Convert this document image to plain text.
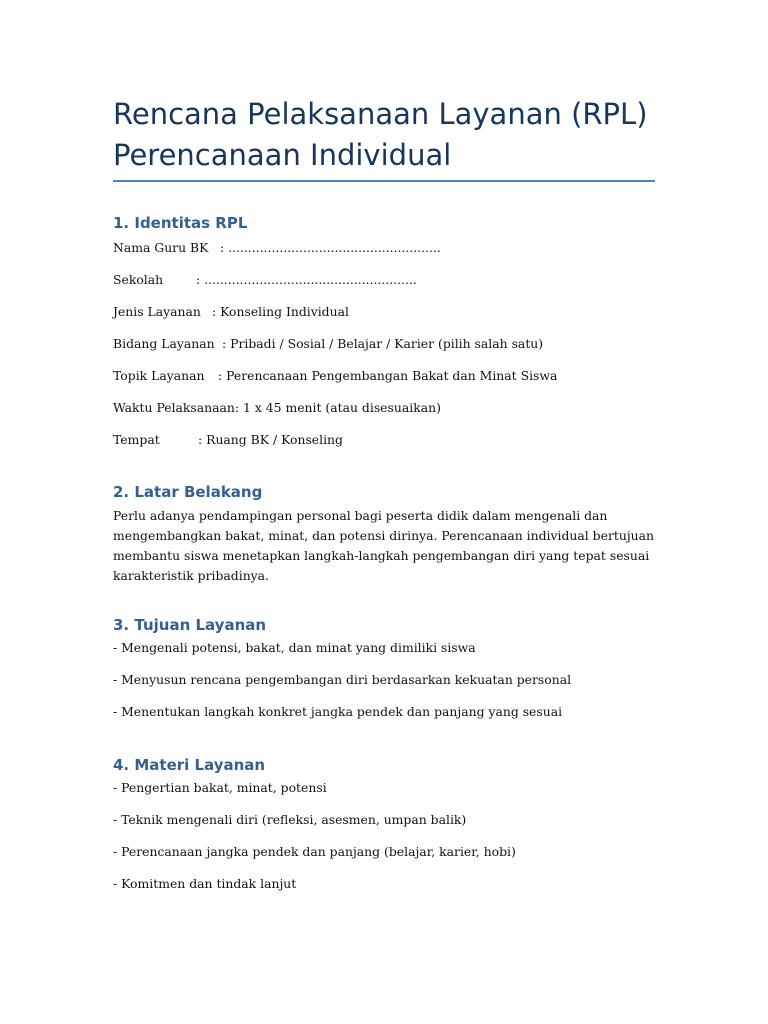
Rencana Pelaksanaan Layanan (RPL)
Perencanaan Individual
1. Identitas RPL
Nama Guru BK : ......................................................
Sekolah	: ......................................................
Jenis Layanan : Konseling Individual
Bidang Layanan : Pribadi / Sosial / Belajar / Karier (pilih salah satu)
Topik Layanan : Perencanaan Pengembangan Bakat dan Minat Siswa
Waktu Pelaksanaan: 1 x 45 menit (atau disesuaikan)
Tempat	: Ruang BK / Konseling
2. Latar Belakang
Perlu adanya pendampingan personal bagi peserta didik dalam mengenali dan
mengembangkan bakat, minat, dan potensi dirinya. Perencanaan individual bertujuan
membantu siswa menetapkan langkah-langkah pengembangan diri yang tepat sesuai
karakteristik pribadinya.
3. Tujuan Layanan
- Mengenali potensi, bakat, dan minat yang dimiliki siswa
- Menyusun rencana pengembangan diri berdasarkan kekuatan personal
- Menentukan langkah konkret jangka pendek dan panjang yang sesuai
4. Materi Layanan
- Pengertian bakat, minat, potensi
- Teknik mengenali diri (refleksi, asesmen, umpan balik)
- Perencanaan jangka pendek dan panjang (belajar, karier, hobi)
- Komitmen dan tindak lanjut
